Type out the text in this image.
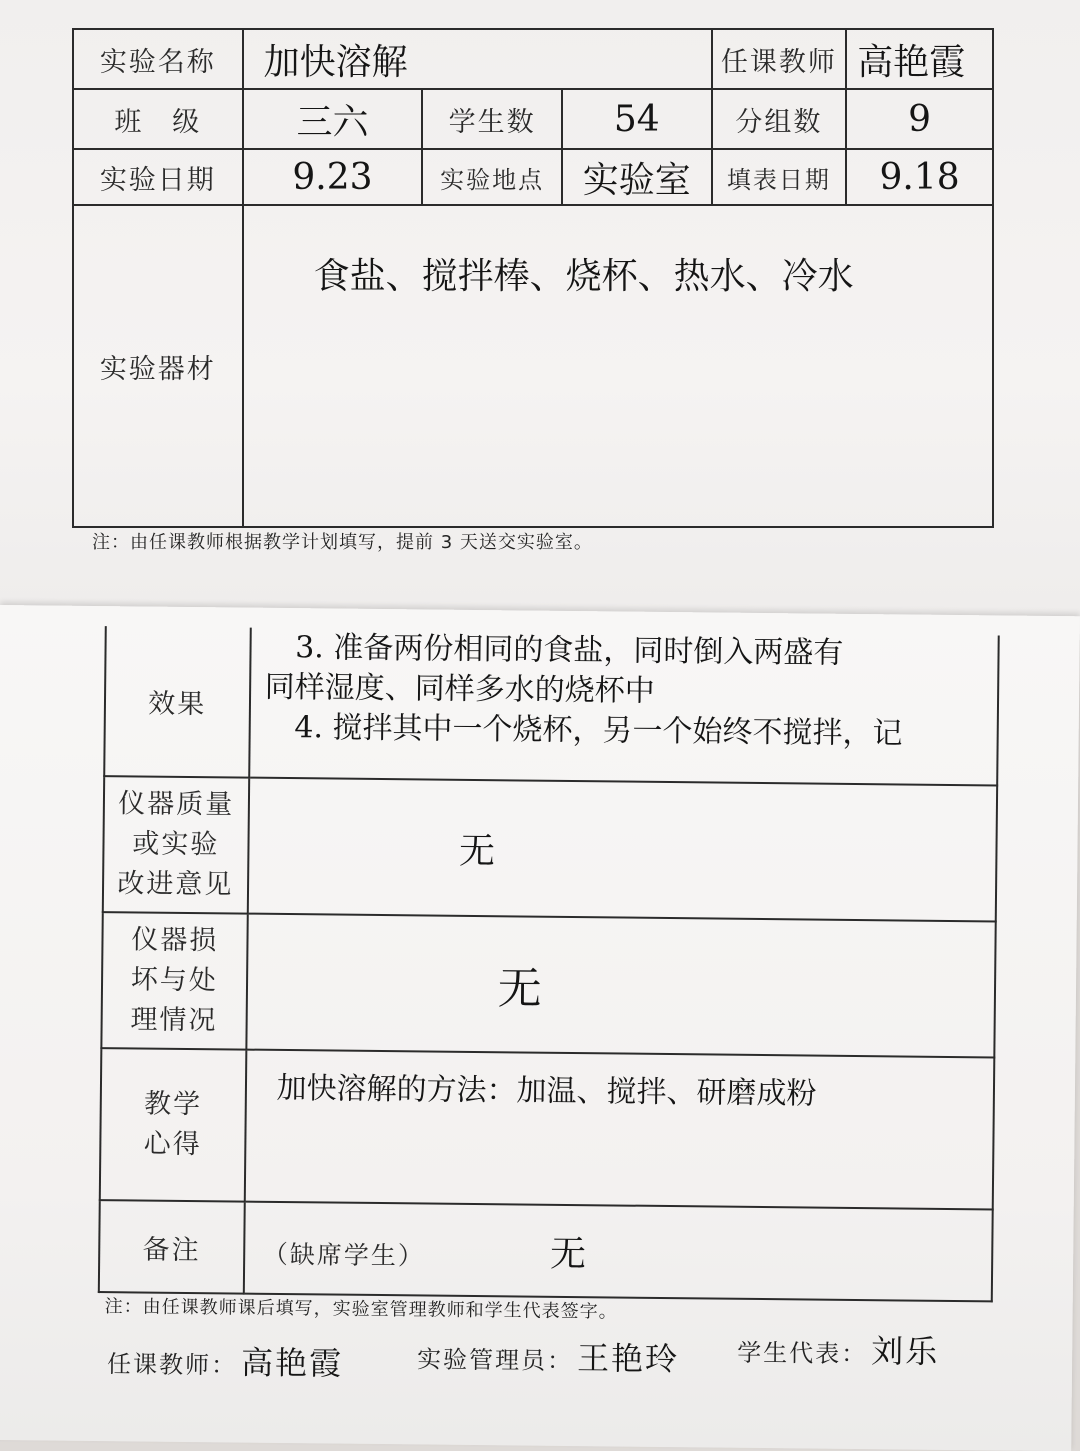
实验名称	加快溶解			任课教师	高艳霞
班　级	三六	学生数	54	分组数	9
实验日期	9.23	实验地点	实验室	填表日期	9.18
实验器材	食盐、搅拌棒、烧杯、热水、冷水				
注：由任课教师根据教学计划填写，提前 3 天送交实验室。
效果	3. 准备两份相同的食盐，同时倒入两盛有
同样湿度、同样多水的烧杯中
4. 搅拌其中一个烧杯，另一个始终不搅拌，记

仪器质量
或实验
改进意见	无

仪器损
坏与处
理情况	无

教学
心得	加快溶解的方法：加温、搅拌、研磨成粉
备注	（缺席学生） 无
注：由任课教师课后填写，实验室管理教师和学生代表签字。
任课教师： 高艳霞	实验管理员： 王艳玲 学生代表： 刘乐
